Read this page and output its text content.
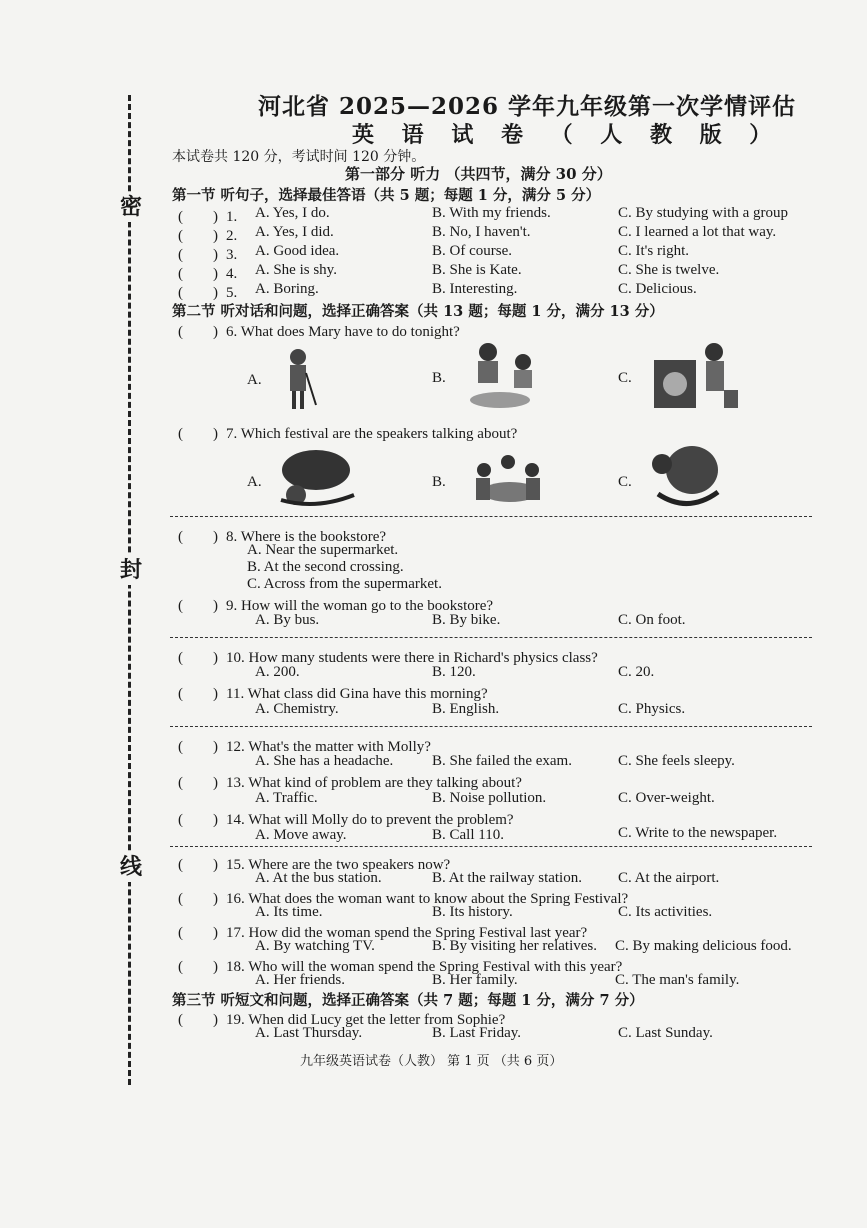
密
封
线
河北省 2025—2026 学年九年级第一次学情评估
英 语 试 卷 （ 人 教 版 ）
本试卷共 120 分，考试时间 120 分钟。
第一部分 听力 （共四节，满分 30 分）
第一节 听句子，选择最佳答语（共 5 题；每题 1 分，满分 5 分）
(　　) 1. A. Yes, I do.	B. With my friends.	C. By studying with a group
(　　) 2. A. Yes, I did.	B. No, I haven't.	C. I learned a lot that way.
(　　) 3. A. Good idea.	B. Of course.	C. It's right.
(　　) 4. A. She is shy.	B. She is Kate.	C. She is twelve.
(　　) 5. A. Boring.	B. Interesting.	C. Delicious.
第二节 听对话和问题，选择正确答案（共 13 题；每题 1 分，满分 13 分）
(　　) 6. What does Mary have to do tonight?
A.	B.	C.
(　　) 7. Which festival are the speakers talking about?
A.	B.	C.
(　　) 8. Where is the bookstore?
A. Near the supermarket.
B. At the second crossing.
C. Across from the supermarket.
(　　) 9. How will the woman go to the bookstore?
A. By bus.	B. By bike.	C. On foot.
(　　) 10. How many students were there in Richard's physics class?
A. 200.	B. 120.	C. 20.
(　　) 11. What class did Gina have this morning?
A. Chemistry.	B. English.	C. Physics.
(　　) 12. What's the matter with Molly?
A. She has a headache.	B. She failed the exam.	C. She feels sleepy.
(　　) 13. What kind of problem are they talking about?
A. Traffic.	B. Noise pollution.	C. Over-weight.
(　　) 14. What will Molly do to prevent the problem?
A. Move away.	B. Call 110.	C. Write to the newspaper.
(　　) 15. Where are the two speakers now?
A. At the bus station.	B. At the railway station. C. At the airport.
(　　) 16. What does the woman want to know about the Spring Festival?
A. Its time.	B. Its history.	C. Its activities.
(　　) 17. How did the woman spend the Spring Festival last year?
A. By watching TV.	B. By visiting her relatives. C. By making delicious food.
(　　) 18. Who will the woman spend the Spring Festival with this year?
A. Her friends.	B. Her family.	C. The man's family.
第三节 听短文和问题，选择正确答案（共 7 题；每题 1 分，满分 7 分）
(　　) 19. When did Lucy get the letter from Sophie?
A. Last Thursday.	B. Last Friday.	C. Last Sunday.
九年级英语试卷（人教） 第 1 页 （共 6 页）
